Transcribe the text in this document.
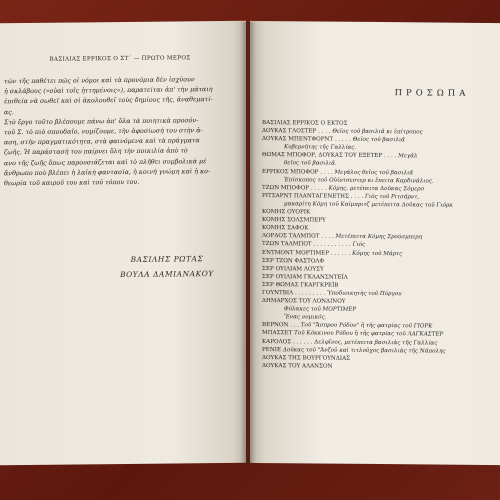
ΒΑΣΙΛΙΑΣ ΕΡΡΙΚΟΣ Ο ΣΤ΄ — ΠΡΩΤΟ ΜΕΡΟΣ
τῶν τῆς παθέτει πῶς οἱ νόμοι καὶ τὰ προνόμια δὲν ἰσχύουν
ἡ σκλάβους (»οὐαὶ τοῖς ἡττημένοις«), παρατείται ἀπ' τὴν μάταιη
ἐπιθεία νὰ σωθεῖ καὶ σὶ ἀκολουθεῖ τοὺς δημίους τῆς, ἀναθεματί-
ας.
Στὸ ἔργο τοῦτο βλέπουμε πάνω ἀπ' ὅλα τὰ ποιητικὰ προσόν-
τοῦ Σ. τὸ πιὸ σπουδαῖο, νομίζουμε, τὴν ἀφοσίωσή του στὴν ἀ-
αση, στὴν πραγματικότητα, στὰ φαινόμενα καὶ τὰ πράγματα
ζωῆς. Ἡ παράστασή του παίρνει ὅλη τὴν ποικιλία ἀπὸ τὸ
ανο τῆς ζωῆς ὅπως παρουσιάζεται καὶ τὸ πλῆθει συμβολικὰ μὲ
ἄνθρωπο ποὺ βλέπει ἡ λαϊκὴ φαντασία, ἡ κοινὴ γνώμη καὶ ἡ κο-
θεωρία τοῦ καιροῦ του καὶ τοῦ τόπου του.
ΒΑΣΙΛΗΣ ΡΩΤΑΣ
ΒΟΥΛΑ ΔΑΜΙΑΝΑΚΟΥ
ΠΡΟΣΩΠΑ
ΒΑΣΙΛΙΑΣ ΕΡΡΙΚΟΣ Ο ΕΚΤΟΣ
ΔΟΥΚΑΣ ΓΛΟΣΤΕΡ . . . . Θεῖος τοῦ βασιλιᾶ κι ἐπίτροπος
ΔΟΥΚΑΣ ΜΠΕΝΤΦΟΡΝΤ . . . . . Θεῖος τοῦ βασιλιᾶ
Κυβερνήτης τῆς Γαλλίας.
ΘΩΜΑΣ ΜΠΟΦΟΡ, ΔΟΥΚΑΣ ΤΟΥ ΕΞΕΤΕΡ . . . . Μεγάλ
θεῖος τοῦ βασιλιᾶ.
ΕΡΡΙΚΟΣ ΜΠΟΦΟΡ . . . . Μεγάλος θεῖος τοῦ βασιλιᾶ
Ἐπίσκοπος τοῦ Οὐίντσεστερ κι ἔπειτα Καρδινάλιος.
ΤΖΩΝ ΜΠΟΦΟΡ . . . . . Κόμης, μετέπειτα Δοῦκας Σόμερσ
ΡΙΤΣΑΡΝΤ ΠΛΑΝΤΑΓΕΝΕΤΗΣ . . . . Γιὸς τοῦ Ριτσάρντ,
μακαρίτη Κόμη τοῦ Καίμπριτζ μετέπειτα Δοῦκας τοῦ Γιόρκ
ΚΟΜΗΣ ΟΥΟΡΙΚ
ΚΟΜΗΣ ΣΟΛΣΜΠΕΡΥ
ΚΟΜΗΣ ΣΑΦΟΚ
ΛΟΡΔΟΣ ΤΑΛΜΠΟΤ . . . . Μετέπειτα Κόμης Σρούσμπερη
ΤΖΩΝ ΤΑΛΜΠΟΤ . . . . . . . . . . . Γιός
ΕΝΤΜΟΝΤ ΜΟΡΤΙΜΕΡ . . . . . . Κόμης τοῦ Μάρτς
ΣΕΡ ΤΖΩΝ ΦΑΣΤΟΛΦ
ΣΕΡ ΟΥΙΛΙΑΜ ΛΟΥΣΥ
ΣΕΡ ΟΥΙΛΙΑΜ ΓΚΛΑΝΣΝΤΕΪΛ
ΣΕΡ ΘΩΜΑΣ ΓΚΑΡΓΚΡΕΪΒ
ΓΟΥΝΤΒΙΛ . . . . . . . . . Ὑποδιοικητὴς τοῦ Πύργου
ΔΗΜΑΡΧΟΣ ΤΟΥ ΛΟΝΔΙΝΟΥ
Φύλακες τοῦ ΜΟΡΤΙΜΕΡ
Ἕνας νομικός.
ΒΕΡΝΟΝ . . . Τοῦ "Ἄσπρου Ρόδου" ἢ τῆς φατρίας τοῦ ΓΙΟΡΚ
ΜΠΑΣΣΕΤ Τοῦ Κόκκινου Ρόδου ἢ τῆς φατρίας τοῦ ΛΑΓΚΑΣΤΕΡ
ΚΑΡΟΛΟΣ . . . . . . Δελφῖνος, μετέπειτα βασιλιὰς τῆς Γαλλίας
ΡΕΝΙΕ Δοῦκας τοῦ "Ἀνζοῦ καὶ τιτλοῦχος βασιλιὰς τῆς Νάπολης
ΔΟΥΚΑΣ ΤΗΣ ΒΟΥΡΓΟΥΝΔΙΑΣ
ΔΟΥΚΑΣ ΤΟΥ ΑΛΑΝΣΟΝ
